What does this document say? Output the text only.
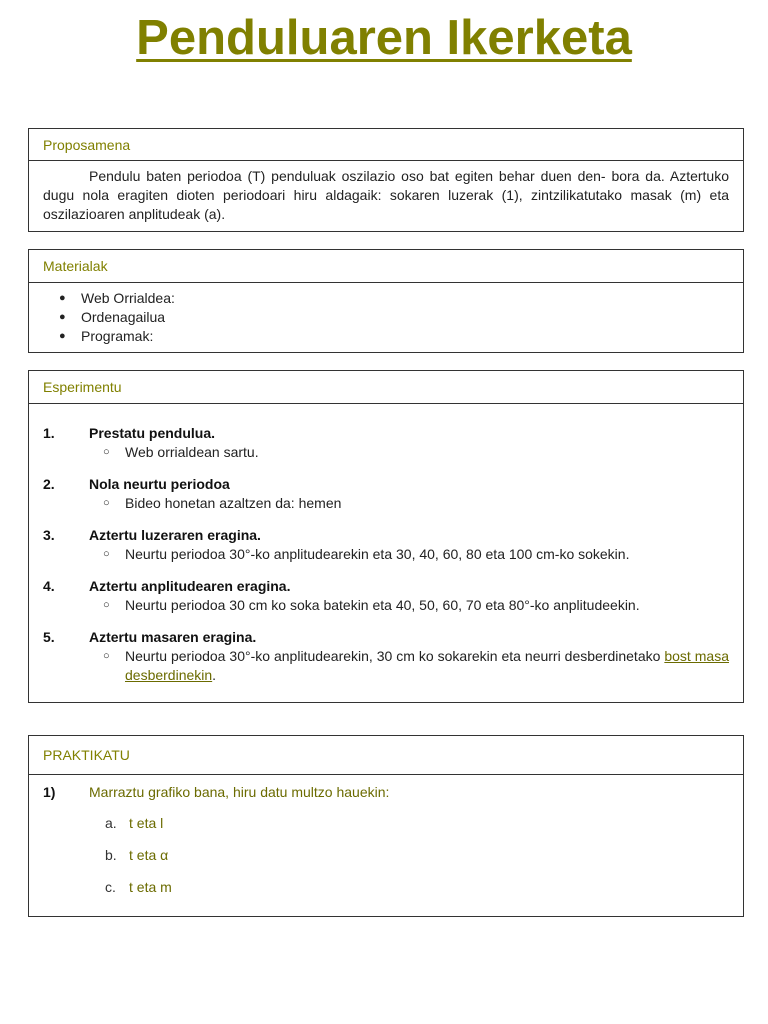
Penduluaren Ikerketa
Proposamena
Pendulu baten periodoa (T) penduluak oszilazio oso bat egiten behar duen den- bora da. Aztertuko dugu nola eragiten dioten periodoari hiru aldagaik: sokaren luzerak (1), zintzilikatutako masak (m) eta oszilazioaren anplitudeak (a).
Materialak
● Web Orrialdea:
● Ordenagailua
● Programak:
Esperimentu
1.	Prestatu pendulua.
○	Web orrialdean sartu.
2.	Nola neurtu periodoa
○	Bideo honetan azaltzen da: hemen
3.	Aztertu luzeraren eragina.
○	Neurtu periodoa 30°-ko anplitudearekin eta 30, 40, 60, 80 eta 100 cm-ko sokekin.
4.	Aztertu anplitudearen eragina.
○	Neurtu periodoa 30 cm ko soka batekin eta 40, 50, 60, 70 eta 80°-ko anplitudeekin.
5.	Aztertu masaren eragina.
○	Neurtu periodoa 30°-ko anplitudearekin, 30 cm ko sokarekin eta neurri desberdinetako bost masa desberdinekin.
PRAKTIKATU
1)	Marraztu grafiko bana, hiru datu multzo hauekin:
a. t eta l
b. t eta α
c. t eta m
